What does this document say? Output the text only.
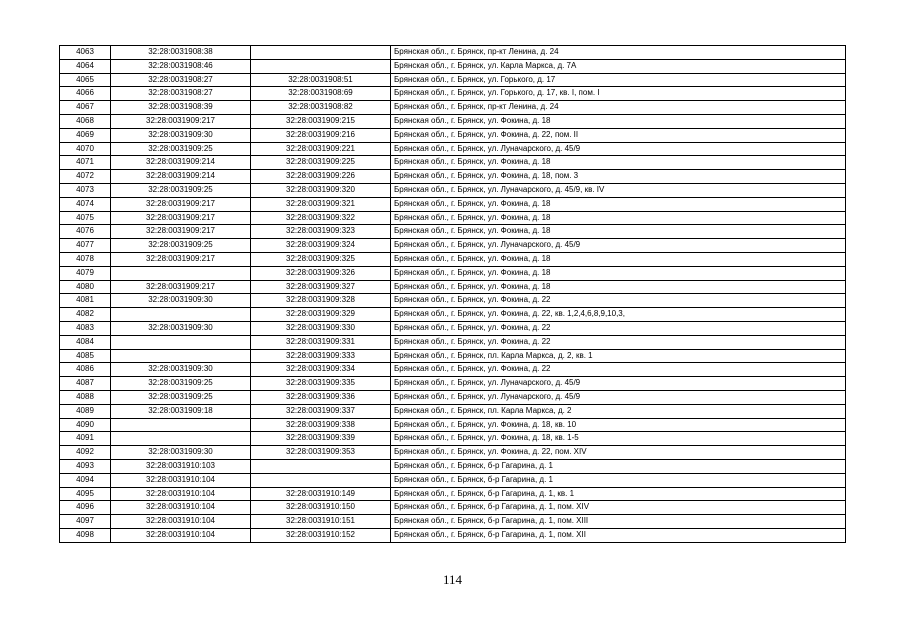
4063	32:28:0031908:38		Брянская обл., г. Брянск, пр-кт Ленина, д. 24
4064	32:28:0031908:46		Брянская обл., г. Брянск, ул. Карла Маркса, д. 7А
4065	32:28:0031908:27	32:28:0031908:51	Брянская обл., г. Брянск, ул. Горького, д. 17
4066	32:28:0031908:27	32:28:0031908:69	Брянская обл., г. Брянск, ул. Горького, д. 17, кв. I, пом. I
4067	32:28:0031908:39	32:28:0031908:82	Брянская обл., г. Брянск, пр-кт Ленина, д. 24
4068	32:28:0031909:217	32:28:0031909:215	Брянская обл., г. Брянск, ул. Фокина, д. 18
4069	32:28:0031909:30	32:28:0031909:216	Брянская обл., г. Брянск, ул. Фокина, д. 22, пом. II
4070	32:28:0031909:25	32:28:0031909:221	Брянская обл., г. Брянск, ул. Луначарского, д. 45/9
4071	32:28:0031909:214	32:28:0031909:225	Брянская обл., г. Брянск, ул. Фокина, д. 18
4072	32:28:0031909:214	32:28:0031909:226	Брянская обл., г. Брянск, ул. Фокина, д. 18, пом. 3
4073	32:28:0031909:25	32:28:0031909:320	Брянская обл., г. Брянск, ул. Луначарского, д. 45/9, кв. IV
4074	32:28:0031909:217	32:28:0031909:321	Брянская обл., г. Брянск, ул. Фокина, д. 18
4075	32:28:0031909:217	32:28:0031909:322	Брянская обл., г. Брянск, ул. Фокина, д. 18
4076	32:28:0031909:217	32:28:0031909:323	Брянская обл., г. Брянск, ул. Фокина, д. 18
4077	32:28:0031909:25	32:28:0031909:324	Брянская обл., г. Брянск, ул. Луначарского, д. 45/9
4078	32:28:0031909:217	32:28:0031909:325	Брянская обл., г. Брянск, ул. Фокина, д. 18
4079		32:28:0031909:326	Брянская обл., г. Брянск, ул. Фокина, д. 18
4080	32:28:0031909:217	32:28:0031909:327	Брянская обл., г. Брянск, ул. Фокина, д. 18
4081	32:28:0031909:30	32:28:0031909:328	Брянская обл., г. Брянск, ул. Фокина, д. 22
4082		32:28:0031909:329	Брянская обл., г. Брянск, ул. Фокина, д. 22, кв. 1,2,4,6,8,9,10,3,
4083	32:28:0031909:30	32:28:0031909:330	Брянская обл., г. Брянск, ул. Фокина, д. 22
4084		32:28:0031909:331	Брянская обл., г. Брянск, ул. Фокина, д. 22
4085		32:28:0031909:333	Брянская обл., г. Брянск, пл. Карла Маркса, д. 2, кв. 1
4086	32:28:0031909:30	32:28:0031909:334	Брянская обл., г. Брянск, ул. Фокина, д. 22
4087	32:28:0031909:25	32:28:0031909:335	Брянская обл., г. Брянск, ул. Луначарского, д. 45/9
4088	32:28:0031909:25	32:28:0031909:336	Брянская обл., г. Брянск, ул. Луначарского, д. 45/9
4089	32:28:0031909:18	32:28:0031909:337	Брянская обл., г. Брянск, пл. Карла Маркса, д. 2
4090		32:28:0031909:338	Брянская обл., г. Брянск, ул. Фокина, д. 18, кв. 10
4091		32:28:0031909:339	Брянская обл., г. Брянск, ул. Фокина, д. 18, кв. 1-5
4092	32:28:0031909:30	32:28:0031909:353	Брянская обл., г. Брянск, ул. Фокина, д. 22, пом. XIV
4093	32:28:0031910:103		Брянская обл., г. Брянск, б-р Гагарина, д. 1
4094	32:28:0031910:104		Брянская обл., г. Брянск, б-р Гагарина, д. 1
4095	32:28:0031910:104	32:28:0031910:149	Брянская обл., г. Брянск, б-р Гагарина, д. 1, кв. 1
4096	32:28:0031910:104	32:28:0031910:150	Брянская обл., г. Брянск, б-р Гагарина, д. 1, пом. XIV
4097	32:28:0031910:104	32:28:0031910:151	Брянская обл., г. Брянск, б-р Гагарина, д. 1, пом. XIII
4098	32:28:0031910:104	32:28:0031910:152	Брянская обл., г. Брянск, б-р Гагарина, д. 1, пом. XII
114
